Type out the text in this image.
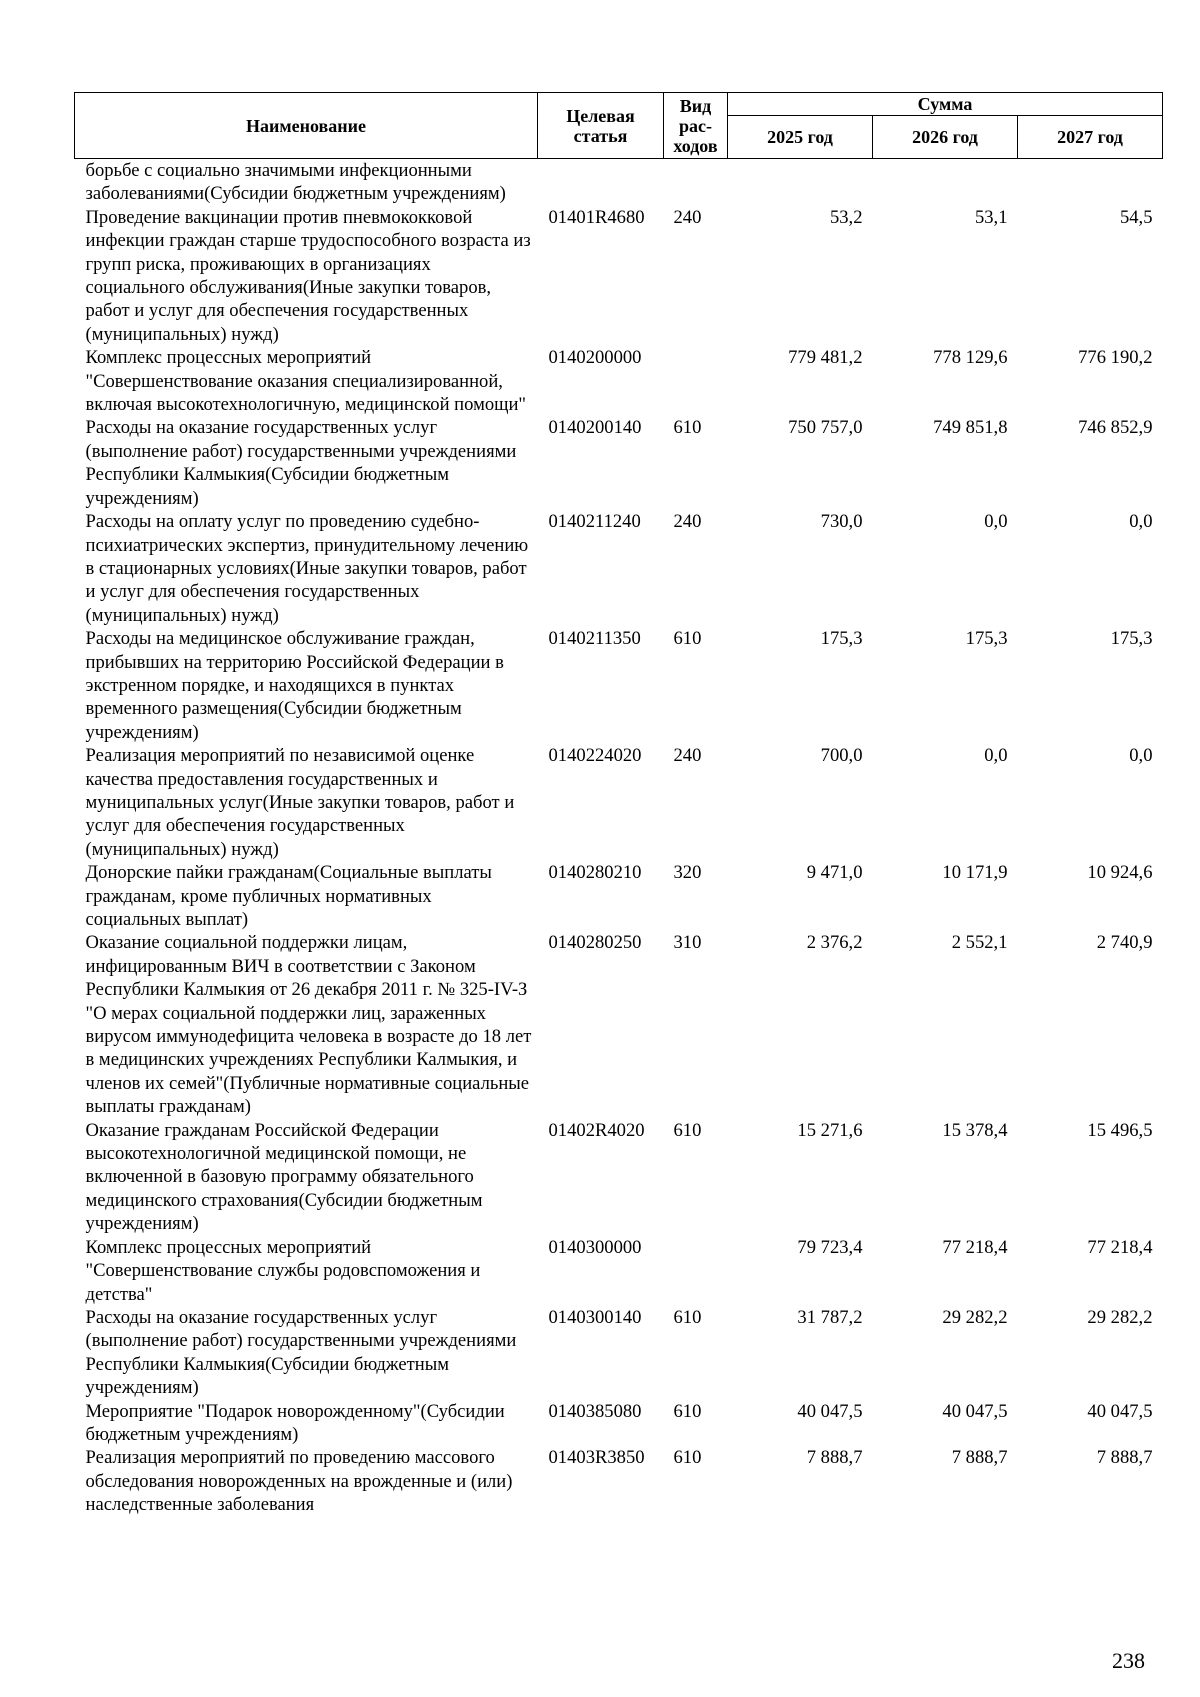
Наименование	Целевая статья	Вид рас-ходов	Сумма		
			2025 год	2026 год	2027 год
борьбе с социально значимыми инфекционными заболеваниями(Субсидии бюджетным учреждениям)					
Проведение вакцинации против пневмококковой инфекции граждан старше трудоспособного возраста из групп риска, проживающих в организациях социального обслуживания(Иные закупки товаров, работ и услуг для обеспечения государственных (муниципальных) нужд)	01401R4680	240	53,2	53,1	54,5
Комплекс процессных мероприятий "Совершенствование оказания специализированной, включая высокотехнологичную, медицинской помощи"	0140200000		779 481,2	778 129,6	776 190,2
Расходы на оказание государственных услуг (выполнение работ) государственными учреждениями Республики Калмыкия(Субсидии бюджетным учреждениям)	0140200140	610	750 757,0	749 851,8	746 852,9
Расходы на оплату услуг по проведению судебно-психиатрических экспертиз, принудительному лечению в стационарных условиях(Иные закупки товаров, работ и услуг для обеспечения государственных (муниципальных) нужд)	0140211240	240	730,0	0,0	0,0
Расходы на медицинское обслуживание граждан, прибывших на территорию Российской Федерации в экстренном порядке, и находящихся в пунктах временного размещения(Субсидии бюджетным учреждениям)	0140211350	610	175,3	175,3	175,3
Реализация мероприятий по независимой оценке качества предоставления государственных и муниципальных услуг(Иные закупки товаров, работ и услуг для обеспечения государственных (муниципальных) нужд)	0140224020	240	700,0	0,0	0,0
Донорские пайки гражданам(Социальные выплаты гражданам, кроме публичных нормативных социальных выплат)	0140280210	320	9 471,0	10 171,9	10 924,6
Оказание социальной поддержки лицам, инфицированным ВИЧ в соответствии с Законом Республики Калмыкия от 26 декабря 2011 г. № 325-IV-З "О мерах социальной поддержки лиц, зараженных вирусом иммунодефицита человека в возрасте до 18 лет в медицинских учреждениях Республики Калмыкия, и членов их семей"(Публичные нормативные социальные выплаты гражданам)	0140280250	310	2 376,2	2 552,1	2 740,9
Оказание гражданам Российской Федерации высокотехнологичной медицинской помощи, не включенной в базовую программу обязательного медицинского страхования(Субсидии бюджетным учреждениям)	01402R4020	610	15 271,6	15 378,4	15 496,5
Комплекс процессных мероприятий "Совершенствование службы родовспоможения и детства"	0140300000		79 723,4	77 218,4	77 218,4
Расходы на оказание государственных услуг (выполнение работ) государственными учреждениями Республики Калмыкия(Субсидии бюджетным учреждениям)	0140300140	610	31 787,2	29 282,2	29 282,2
Мероприятие "Подарок новорожденному"(Субсидии бюджетным учреждениям)	0140385080	610	40 047,5	40 047,5	40 047,5
Реализация мероприятий по проведению массового обследования новорожденных на врожденные и (или) наследственные заболевания	01403R3850	610	7 888,7	7 888,7	7 888,7
238
